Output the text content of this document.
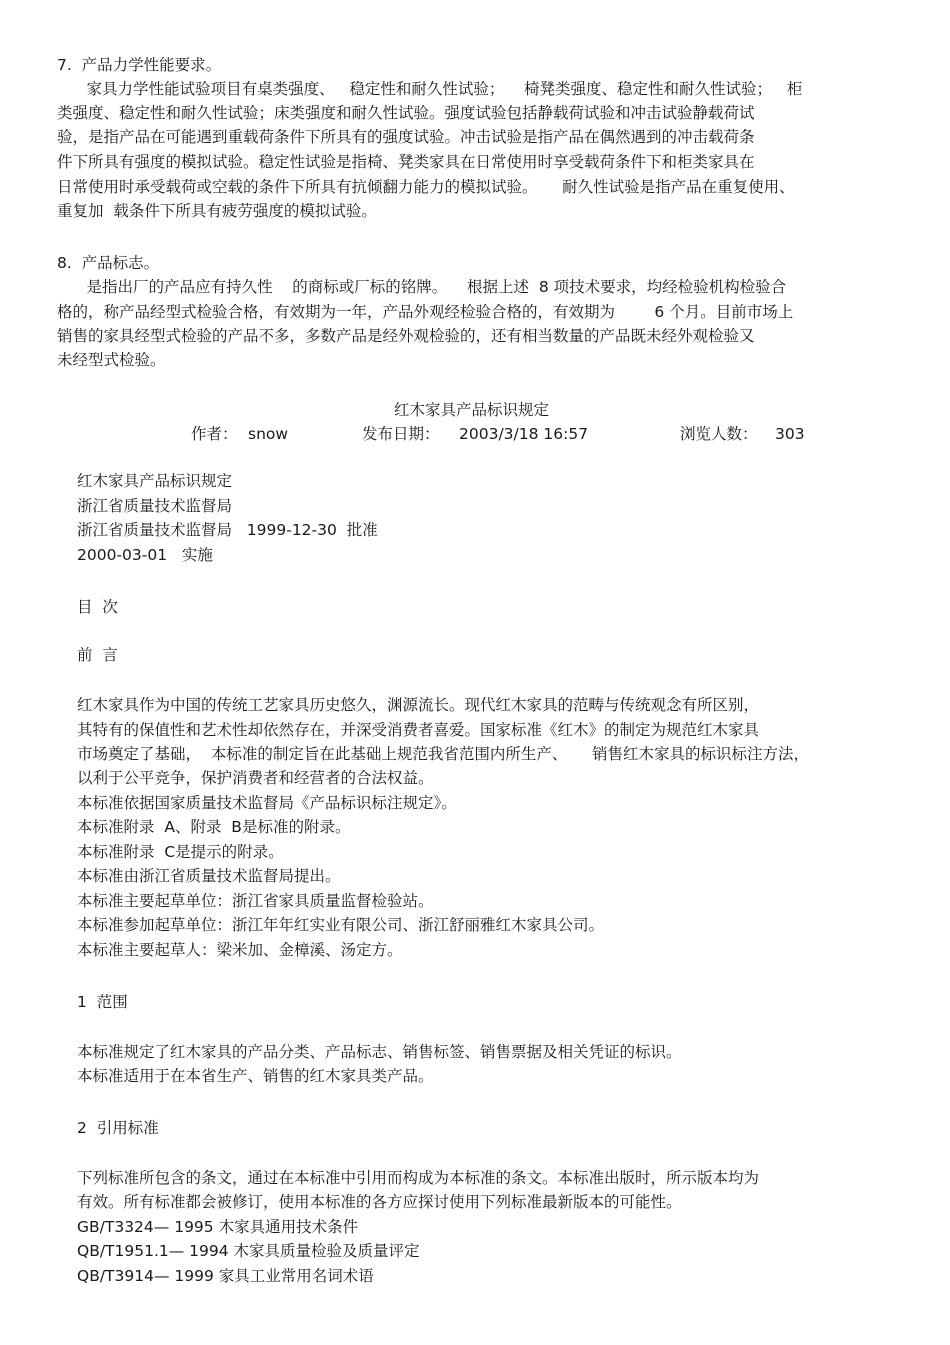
7.  产品力学性能要求。
家具力学性能试验项目有桌类强度、   稳定性和耐久性试验；    椅凳类强度、稳定性和耐久性试验；   柜
类强度、稳定性和耐久性试验；床类强度和耐久性试验。强度试验包括静载荷试验和冲击试验静载荷试
验，是指产品在可能遇到重载荷条件下所具有的强度试验。冲击试验是指产品在偶然遇到的冲击载荷条
件下所具有强度的模拟试验。稳定性试验是指椅、凳类家具在日常使用时享受载荷条件下和柜类家具在
日常使用时承受载荷或空载的条件下所具有抗倾翻力能力的模拟试验。     耐久性试验是指产品在重复使用、
重复加  载条件下所具有疲劳强度的模拟试验。
8.  产品标志。
是指出厂的产品应有持久性    的商标或厂标的铭牌。    根据上述  8 项技术要求，均经检验机构检验合
格的，称产品经型式检验合格，有效期为一年，产品外观经检验合格的，有效期为        6 个月。目前市场上
销售的家具经型式检验的产品不多，多数产品是经外观检验的，还有相当数量的产品既未经外观检验又
未经型式检验。
红木家具产品标识规定
作者： snow	发布日期： 2003/3/18 16:57	浏览人数： 303
红木家具产品标识规定
浙江省质量技术监督局
浙江省质量技术监督局   1999-12-30  批准
2000-03-01   实施
目  次
前  言
红木家具作为中国的传统工艺家具历史悠久，渊源流长。现代红木家具的范畴与传统观念有所区别，
其特有的保值性和艺术性却依然存在，并深受消费者喜爱。国家标准《红木》的制定为规范红木家具
市场奠定了基础，  本标准的制定旨在此基础上规范我省范围内所生产、     销售红木家具的标识标注方法，
以利于公平竞争，保护消费者和经营者的合法权益。
本标准依据国家质量技术监督局《产品标识标注规定》。
本标准附录  A、附录  B是标准的附录。
本标准附录  C是提示的附录。
本标准由浙江省质量技术监督局提出。
本标准主要起草单位：浙江省家具质量监督检验站。
本标准参加起草单位：浙江年年红实业有限公司、浙江舒丽雅红木家具公司。
本标准主要起草人：梁米加、金樟溪、汤定方。
1  范围
本标准规定了红木家具的产品分类、产品标志、销售标签、销售票据及相关凭证的标识。
本标准适用于在本省生产、销售的红木家具类产品。
2  引用标准
下列标准所包含的条文，通过在本标准中引用而构成为本标准的条文。本标准出版时，所示版本均为
有效。所有标准都会被修订，使用本标准的各方应探讨使用下列标准最新版本的可能性。
GB/T3324— 1995 木家具通用技术条件
QB/T1951.1— 1994 木家具质量检验及质量评定
QB/T3914— 1999 家具工业常用名词术语
